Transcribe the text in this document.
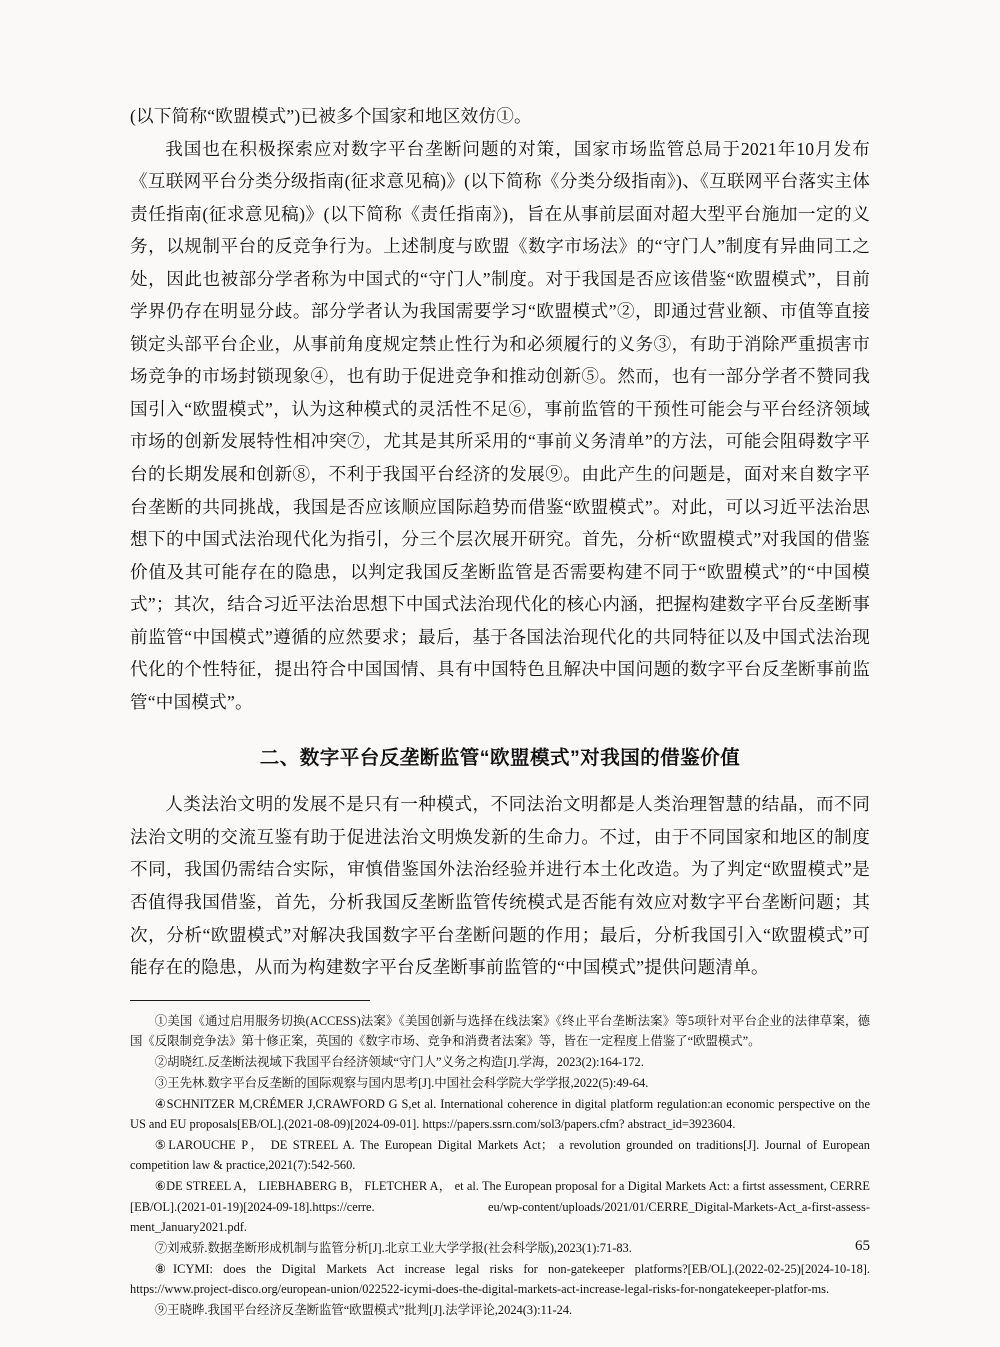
(以下简称“欧盟模式”)已被多个国家和地区效仿①。

我国也在积极探索应对数字平台垄断问题的对策，国家市场监管总局于2021年10月发布《互联网平台分类分级指南(征求意见稿)》(以下简称《分类分级指南》)、《互联网平台落实主体责任指南(征求意见稿)》(以下简称《责任指南》)，旨在从事前层面对超大型平台施加一定的义务，以规制平台的反竞争行为。上述制度与欧盟《数字市场法》的“守门人”制度有异曲同工之处，因此也被部分学者称为中国式的“守门人”制度。对于我国是否应该借鉴“欧盟模式”，目前学界仍存在明显分歧。部分学者认为我国需要学习“欧盟模式”②，即通过营业额、市值等直接锁定头部平台企业，从事前角度规定禁止性行为和必须履行的义务③，有助于消除严重损害市场竞争的市场封锁现象④，也有助于促进竞争和推动创新⑤。然而，也有一部分学者不赞同我国引入“欧盟模式”，认为这种模式的灵活性不足⑥，事前监管的干预性可能会与平台经济领域市场的创新发展特性相冲突⑦，尤其是其所采用的“事前义务清单”的方法，可能会阻碍数字平台的长期发展和创新⑧，不利于我国平台经济的发展⑨。由此产生的问题是，面对来自数字平台垄断的共同挑战，我国是否应该顺应国际趋势而借鉴“欧盟模式”。对此，可以习近平法治思想下的中国式法治现代化为指引，分三个层次展开研究。首先，分析“欧盟模式”对我国的借鉴价值及其可能存在的隐患，以判定我国反垄断监管是否需要构建不同于“欧盟模式”的“中国模式”；其次，结合习近平法治思想下中国式法治现代化的核心内涵，把握构建数字平台反垄断事前监管“中国模式”遵循的应然要求；最后，基于各国法治现代化的共同特征以及中国式法治现代化的个性特征，提出符合中国国情、具有中国特色且解决中国问题的数字平台反垄断事前监管“中国模式”。

二、数字平台反垄断监管“欧盟模式”对我国的借鉴价值

人类法治文明的发展不是只有一种模式，不同法治文明都是人类治理智慧的结晶，而不同法治文明的交流互鉴有助于促进法治文明焕发新的生命力。不过，由于不同国家和地区的制度不同，我国仍需结合实际，审慎借鉴国外法治经验并进行本土化改造。为了判定“欧盟模式”是否值得我国借鉴，首先，分析我国反垄断监管传统模式是否能有效应对数字平台垄断问题；其次，分析“欧盟模式”对解决我国数字平台垄断问题的作用；最后，分析我国引入“欧盟模式”可能存在的隐患，从而为构建数字平台反垄断事前监管的“中国模式”提供问题清单。

①美国《通过启用服务切换(ACCESS)法案》《美国创新与选择在线法案》《终止平台垄断法案》等5项针对平台企业的法律草案，德国《反限制竞争法》第十修正案，英国的《数字市场、竞争和消费者法案》等，皆在一定程度上借鉴了“欧盟模式”。

②胡晓红.反垄断法视域下我国平台经济领域“守门人”义务之构造[J].学海，2023(2):164-172.

③王先林.数字平台反垄断的国际观察与国内思考[J].中国社会科学院大学学报,2022(5):49-64.

④SCHNITZER M,CRÉMER J,CRAWFORD G S,et al. International coherence in digital platform regulation:an economic perspective on the US and EU proposals[EB/OL].(2021-08-09)[2024-09-01]. https://papers.ssrn.com/sol3/papers.cfm? abstract_id=3923604.

⑤LAROUCHE P， DE STREEL A. The European Digital Markets Act； a revolution grounded on traditions[J]. Journal of European competition law & practice,2021(7):542-560.

⑥DE STREEL A， LIEBHABERG B， FLETCHER A， et al. The European proposal for a Digital Markets Act: a firtst assessment, CERRE [EB/OL].(2021-01-19)[2024-09-18].https://cerre. eu/wp-content/uploads/2021/01/CERRE_Digital-Markets-Act_a-first-assess-ment_January2021.pdf.

⑦刘戒骄.数据垄断形成机制与监管分析[J].北京工业大学学报(社会科学版),2023(1):71-83.

⑧ICYMI: does the Digital Markets Act increase legal risks for non-gatekeeper platforms?[EB/OL].(2022-02-25)[2024-10-18]. https://www.project-disco.org/european-union/022522-icymi-does-the-digital-markets-act-increase-legal-risks-for-nongatekeeper-platfor-ms.

⑨王晓晔.我国平台经济反垄断监管“欧盟模式”批判[J].法学评论,2024(3):11-24.

65
